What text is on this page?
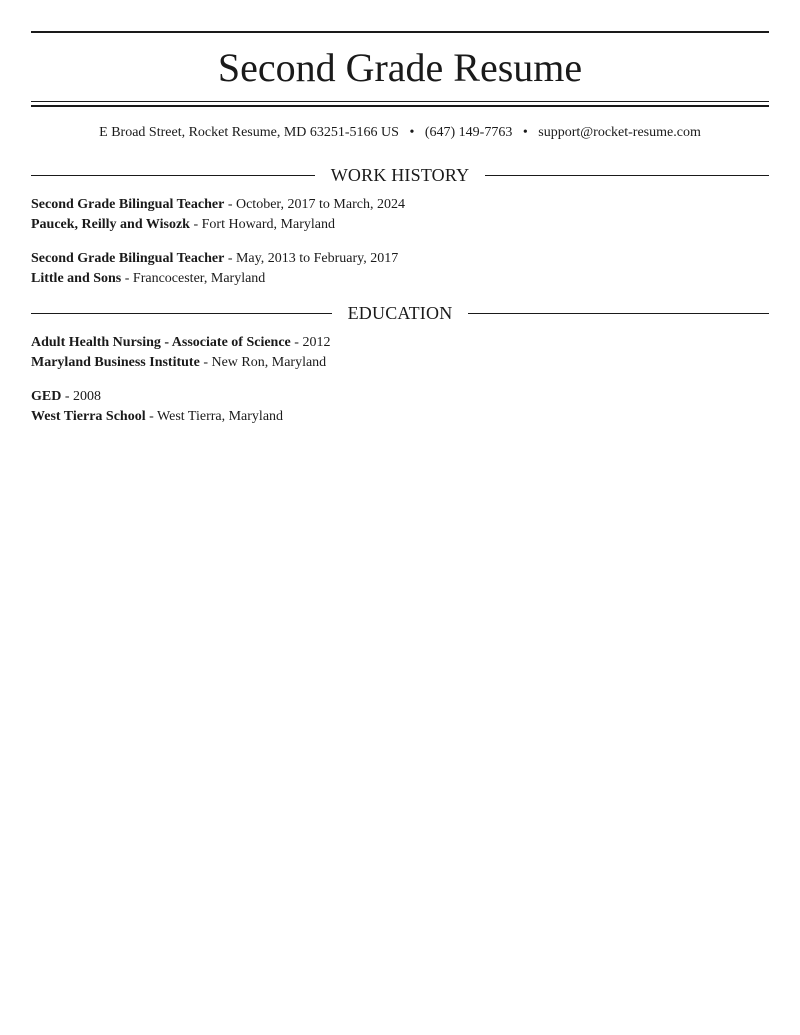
Second Grade Resume
E Broad Street, Rocket Resume, MD 63251-5166 US • (647) 149-7763 • support@rocket-resume.com
WORK HISTORY
Second Grade Bilingual Teacher - October, 2017 to March, 2024
Paucek, Reilly and Wisozk - Fort Howard, Maryland
Second Grade Bilingual Teacher - May, 2013 to February, 2017
Little and Sons - Francocester, Maryland
EDUCATION
Adult Health Nursing - Associate of Science - 2012
Maryland Business Institute - New Ron, Maryland
GED - 2008
West Tierra School - West Tierra, Maryland
